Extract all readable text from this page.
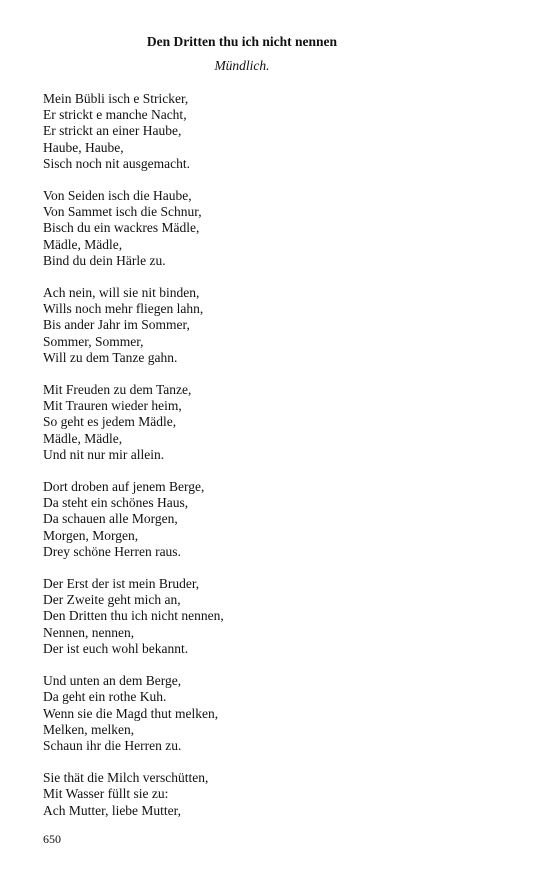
Den Dritten thu ich nicht nennen
Mündlich.
Mein Bübli isch e Stricker,
Er strickt e manche Nacht,
Er strickt an einer Haube,
Haube, Haube,
Sisch noch nit ausgemacht.
Von Seiden isch die Haube,
Von Sammet isch die Schnur,
Bisch du ein wackres Mädle,
Mädle, Mädle,
Bind du dein Härle zu.
Ach nein, will sie nit binden,
Wills noch mehr fliegen lahn,
Bis ander Jahr im Sommer,
Sommer, Sommer,
Will zu dem Tanze gahn.
Mit Freuden zu dem Tanze,
Mit Trauren wieder heim,
So geht es jedem Mädle,
Mädle, Mädle,
Und nit nur mir allein.
Dort droben auf jenem Berge,
Da steht ein schönes Haus,
Da schauen alle Morgen,
Morgen, Morgen,
Drey schöne Herren raus.
Der Erst der ist mein Bruder,
Der Zweite geht mich an,
Den Dritten thu ich nicht nennen,
Nennen, nennen,
Der ist euch wohl bekannt.
Und unten an dem Berge,
Da geht ein rothe Kuh.
Wenn sie die Magd thut melken,
Melken, melken,
Schaun ihr die Herren zu.
Sie thät die Milch verschütten,
Mit Wasser füllt sie zu:
Ach Mutter, liebe Mutter,
650
